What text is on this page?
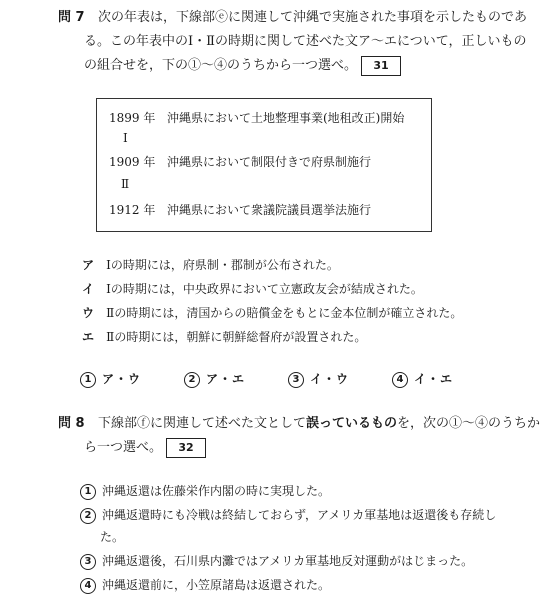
問 7 次の年表は，下線部ⓔに関連して沖縄で実施された事項を示したものであ
る。この年表中のⅠ・Ⅱの時期に関して述べた文ア～エについて，正しいもの
の組合せを，下の①～④のうちから一つ選べ。 31
1899 年 沖縄県において土地整理事業(地租改正)開始
Ⅰ
1909 年 沖縄県において制限付きで府県制施行
Ⅱ
1912 年 沖縄県において衆議院議員選挙法施行
ア Ⅰの時期には，府県制・郡制が公布された。
イ Ⅰの時期には，中央政界において立憲政友会が結成された。
ウ Ⅱの時期には，清国からの賠償金をもとに金本位制が確立された。
エ Ⅱの時期には，朝鮮に朝鮮総督府が設置された。
1 ア・ウ	2 ア・エ	3 イ・ウ	4 イ・エ
問 8 下線部ⓕに関連して述べた文として誤っているものを，次の①～④のうちか
ら一つ選べ。 32
1 沖縄返還は佐藤栄作内閣の時に実現した。
2 沖縄返還時にも冷戦は終結しておらず，アメリカ軍基地は返還後も存続し
た。
3 沖縄返還後，石川県内灘ではアメリカ軍基地反対運動がはじまった。
4 沖縄返還前に，小笠原諸島は返還された。
